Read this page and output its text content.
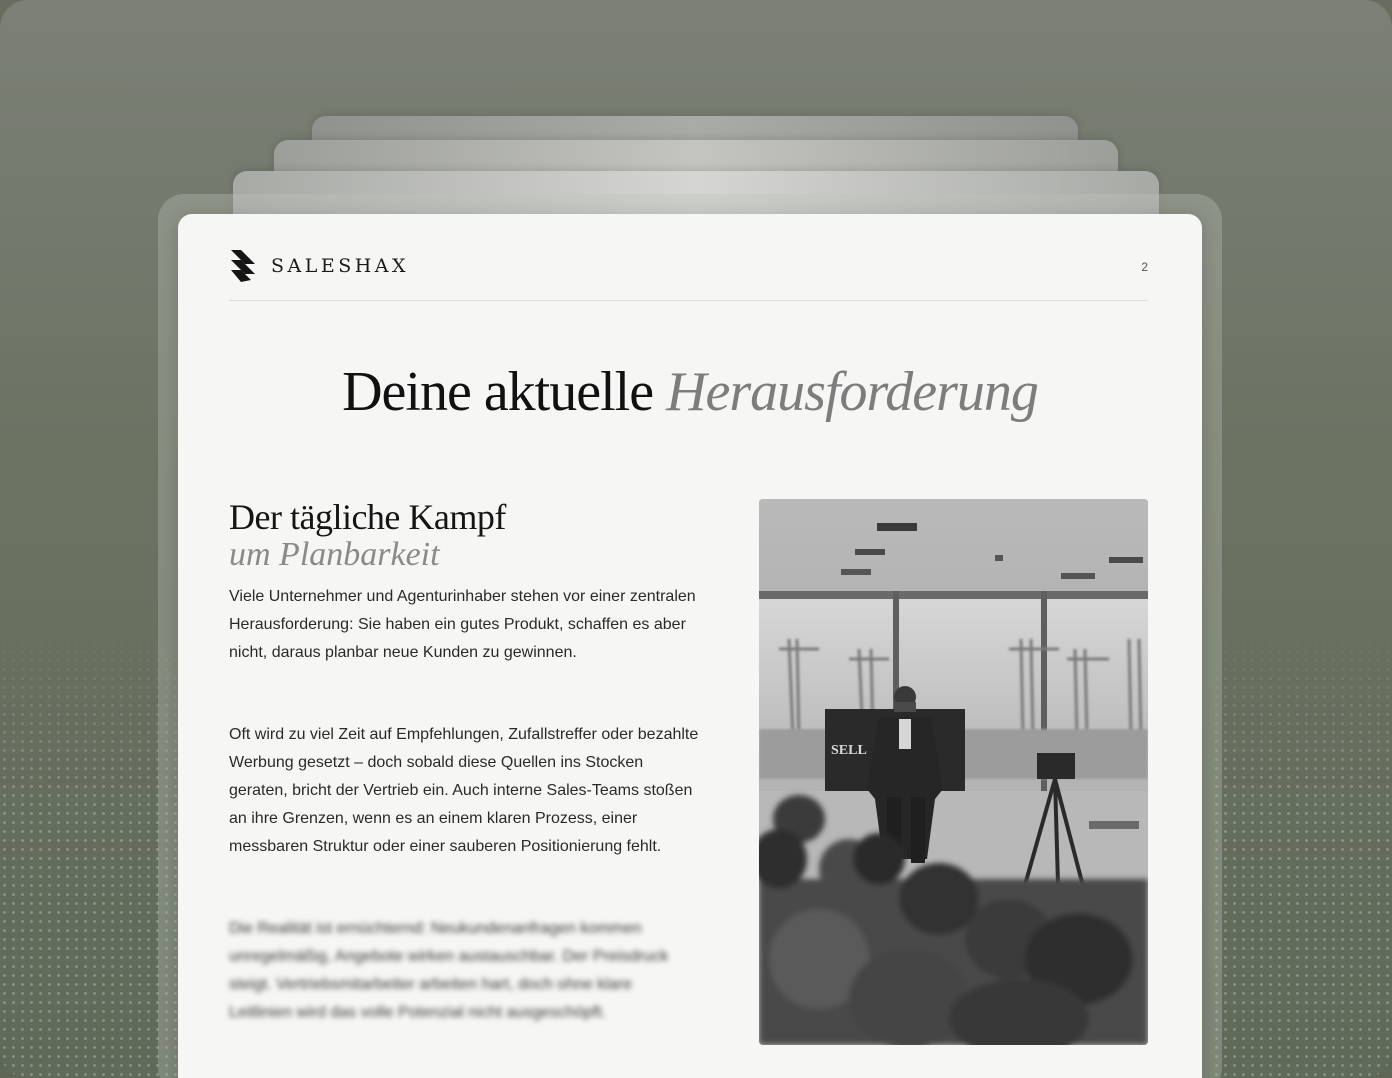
SALESHAX	2
Deine aktuelle Herausforderung
Der tägliche Kampf
um Planbarkeit
Viele Unternehmer und Agenturinhaber stehen vor einer zentralen Herausforderung: Sie haben ein gutes Produkt, schaffen es aber nicht, daraus planbar neue Kunden zu gewinnen.
Oft wird zu viel Zeit auf Empfehlungen, Zufallstreffer oder bezahlte Werbung gesetzt – doch sobald diese Quellen ins Stocken geraten, bricht der Vertrieb ein. Auch interne Sales-Teams stoßen an ihre Grenzen, wenn es an einem klaren Prozess, einer messbaren Struktur oder einer sauberen Positionierung fehlt.
Die Realität ist ernüchternd: Neukundenanfragen kommen unregelmäßig, Angebote wirken austauschbar. Der Preisdruck steigt. Vertriebsmitarbeiter arbeiten hart, doch ohne klare Leitlinien wird das volle Potenzial nicht ausgeschöpft.
SELL
